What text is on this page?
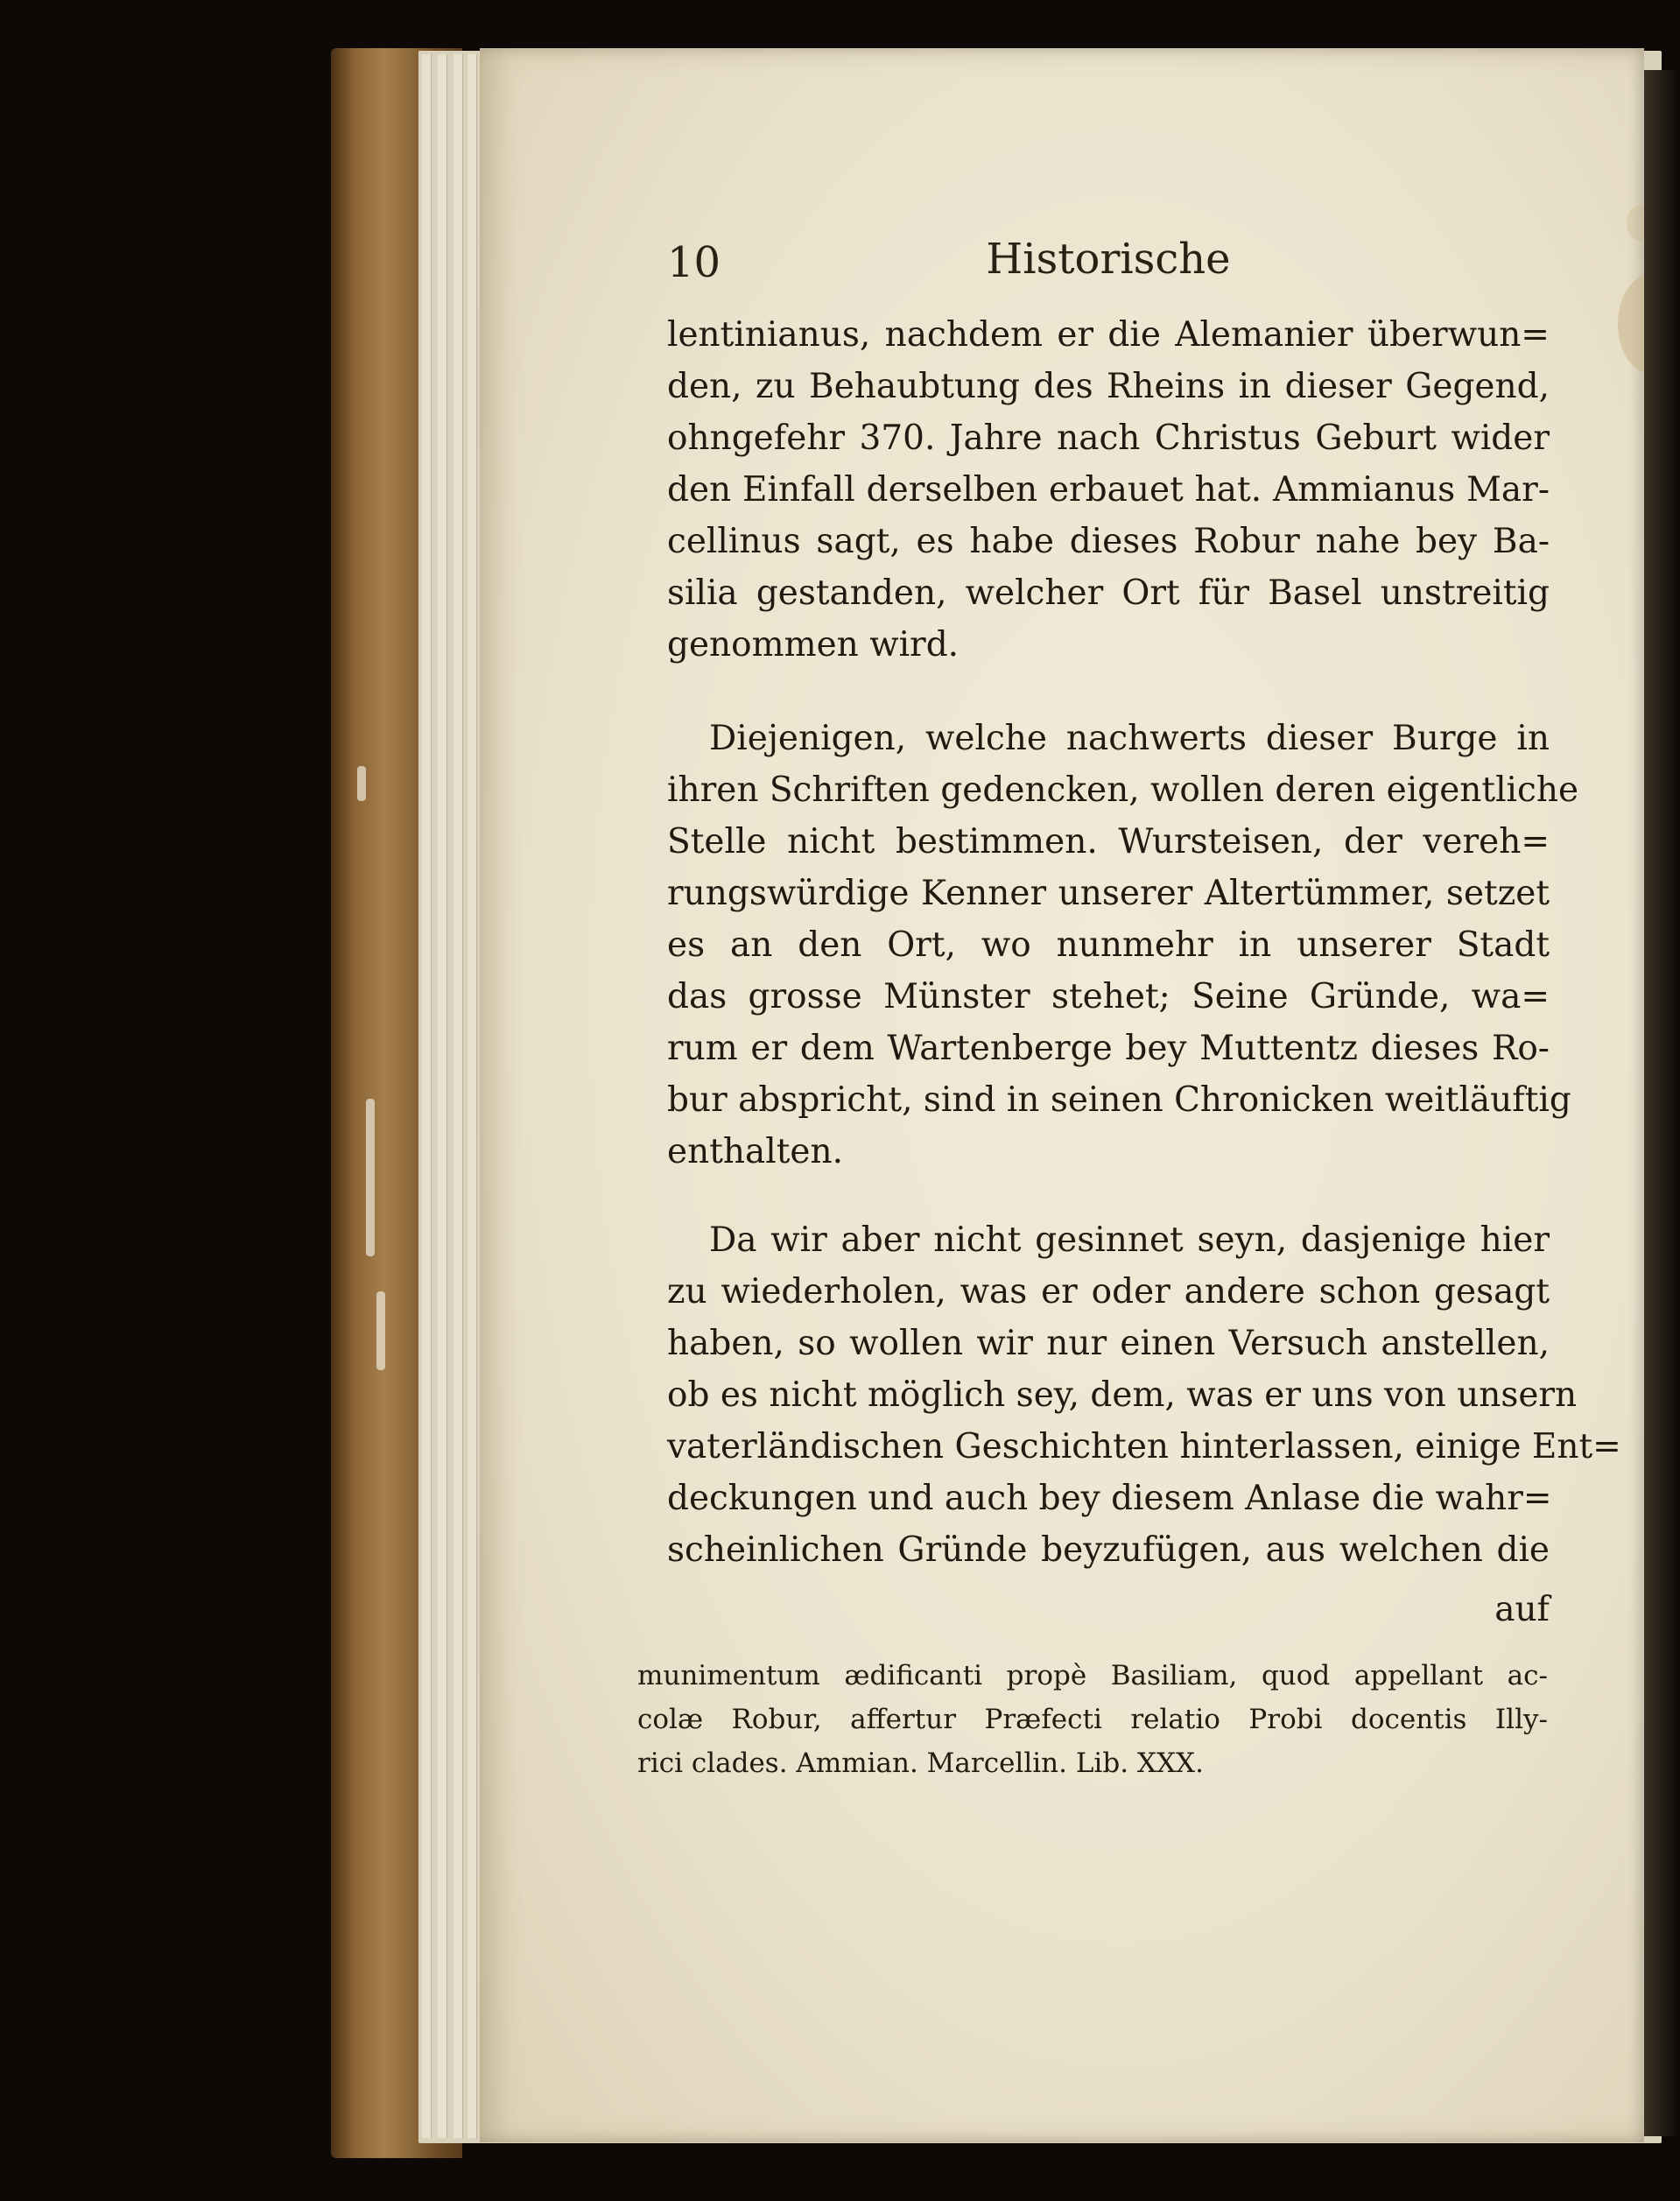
10	Historische

lentinianus, nachdem er die Alemanier überwun=

den, zu Behaubtung des Rheins in dieser Gegend,

ohngefehr 370. Jahre nach Christus Geburt wider

den Einfall derselben erbauet hat. Ammianus Mar-

cellinus sagt, es habe dieses Robur nahe bey Ba-

silia gestanden, welcher Ort für Basel unstreitig

genommen wird.

Diejenigen, welche nachwerts dieser Burge in

ihren Schriften gedencken, wollen deren eigentliche

Stelle nicht bestimmen. Wursteisen, der vereh=

rungswürdige Kenner unserer Altertümmer, setzet

es an den Ort, wo nunmehr in unserer Stadt

das grosse Münster stehet; Seine Gründe, wa=

rum er dem Wartenberge bey Muttentz dieses Ro-

bur abspricht, sind in seinen Chronicken weitläuftig

enthalten.

Da wir aber nicht gesinnet seyn, dasjenige hier

zu wiederholen, was er oder andere schon gesagt

haben, so wollen wir nur einen Versuch anstellen,

ob es nicht möglich sey, dem, was er uns von unsern

vaterländischen Geschichten hinterlassen, einige Ent=

deckungen und auch bey diesem Anlase die wahr=

scheinlichen Gründe beyzufügen, aus welchen die

auf

munimentum ædificanti propè Basiliam, quod appellant ac-

colæ Robur, affertur Præfecti relatio Probi docentis Illy-

rici clades. Ammian. Marcellin. Lib. XXX.
